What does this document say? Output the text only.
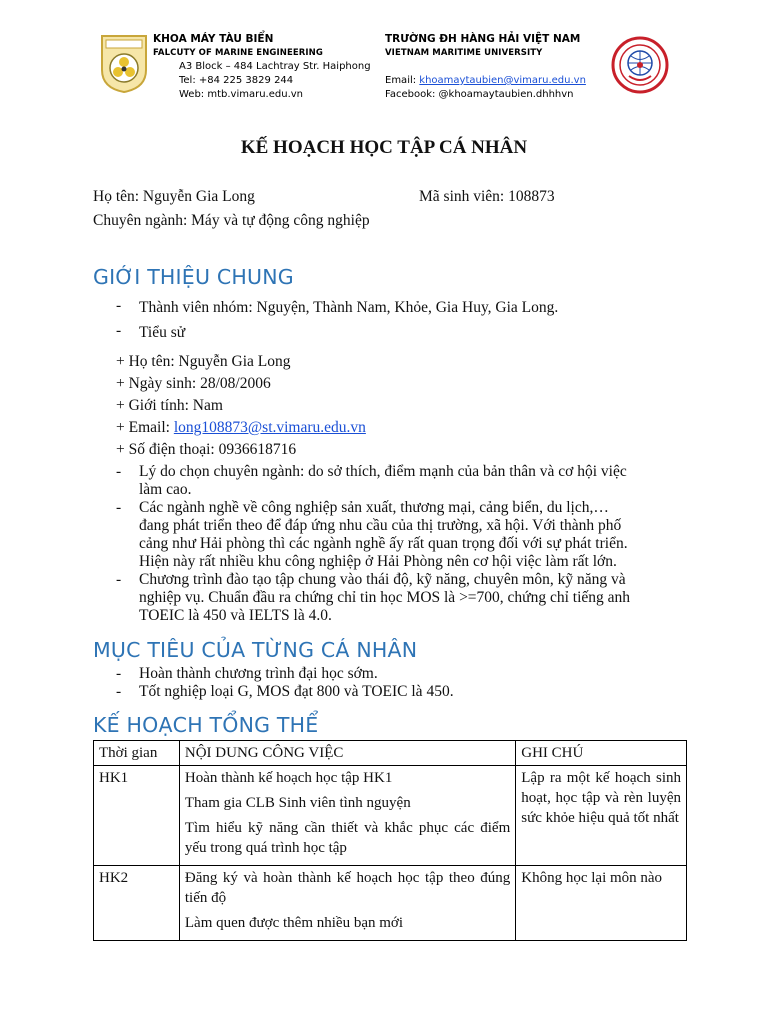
KHOA MÁY TÀU BIỂN
FALCUTY OF MARINE ENGINEERING
A3 Block – 484 Lachtray Str. Haiphong
Tel: +84 225 3829 244
Web: mtb.vimaru.edu.vn
TRƯỜNG ĐH HÀNG HẢI VIỆT NAM
VIETNAM MARITIME UNIVERSITY
Email: khoamaytaubien@vimaru.edu.vn
Facebook: @khoamaytaubien.dhhhvn
KẾ HOẠCH HỌC TẬP CÁ NHÂN
Họ tên: Nguyễn Gia Long	Mã sinh viên: 108873
Chuyên ngành: Máy và tự động công nghiệp
GIỚI THIỆU CHUNG
- Thành viên nhóm: Nguyện, Thành Nam, Khỏe, Gia Huy, Gia Long.
- Tiểu sử
+ Họ tên: Nguyễn Gia Long
+ Ngày sinh: 28/08/2006
+ Giới tính: Nam
+ Email: long108873@st.vimaru.edu.vn
+ Số điện thoại: 0936618716
- Lý do chọn chuyên ngành: do sở thích, điểm mạnh của bản thân và cơ hội việc
làm cao.
- Các ngành nghề về công nghiệp sản xuất, thương mại, cảng biển, du lịch,…
đang phát triển theo để đáp ứng nhu cầu của thị trường, xã hội. Với thành phố
cảng như Hải phòng thì các ngành nghề ấy rất quan trọng đối với sự phát triển.
Hiện này rất nhiều khu công nghiệp ở Hải Phòng nên cơ hội việc làm rất lớn.
- Chương trình đào tạo tập chung vào thái độ, kỹ năng, chuyên môn, kỹ năng và
nghiệp vụ. Chuẩn đầu ra chứng chỉ tin học MOS là >=700, chứng chỉ tiếng anh
TOEIC là 450 và IELTS là 4.0.
MỤC TIÊU CỦA TỪNG CÁ NHÂN
- Hoàn thành chương trình đại học sớm.
- Tốt nghiệp loại G, MOS đạt 800 và TOEIC là 450.
KẾ HOẠCH TỔNG THỂ
Thời gian	NỘI DUNG CÔNG VIỆC	GHI CHÚ
HK1	Hoàn thành kế hoạch học tập HK1

Tham gia CLB Sinh viên tình nguyện

Tìm hiểu kỹ năng cần thiết và khắc phục các điểm yếu trong quá trình học tập	Lập ra một kế hoạch sinh hoạt, học tập và rèn luyện sức khỏe hiệu quả tốt nhất
HK2	Đăng ký và hoàn thành kế hoạch học tập theo đúng tiến độ

Làm quen được thêm nhiều bạn mới	Không học lại môn nào
